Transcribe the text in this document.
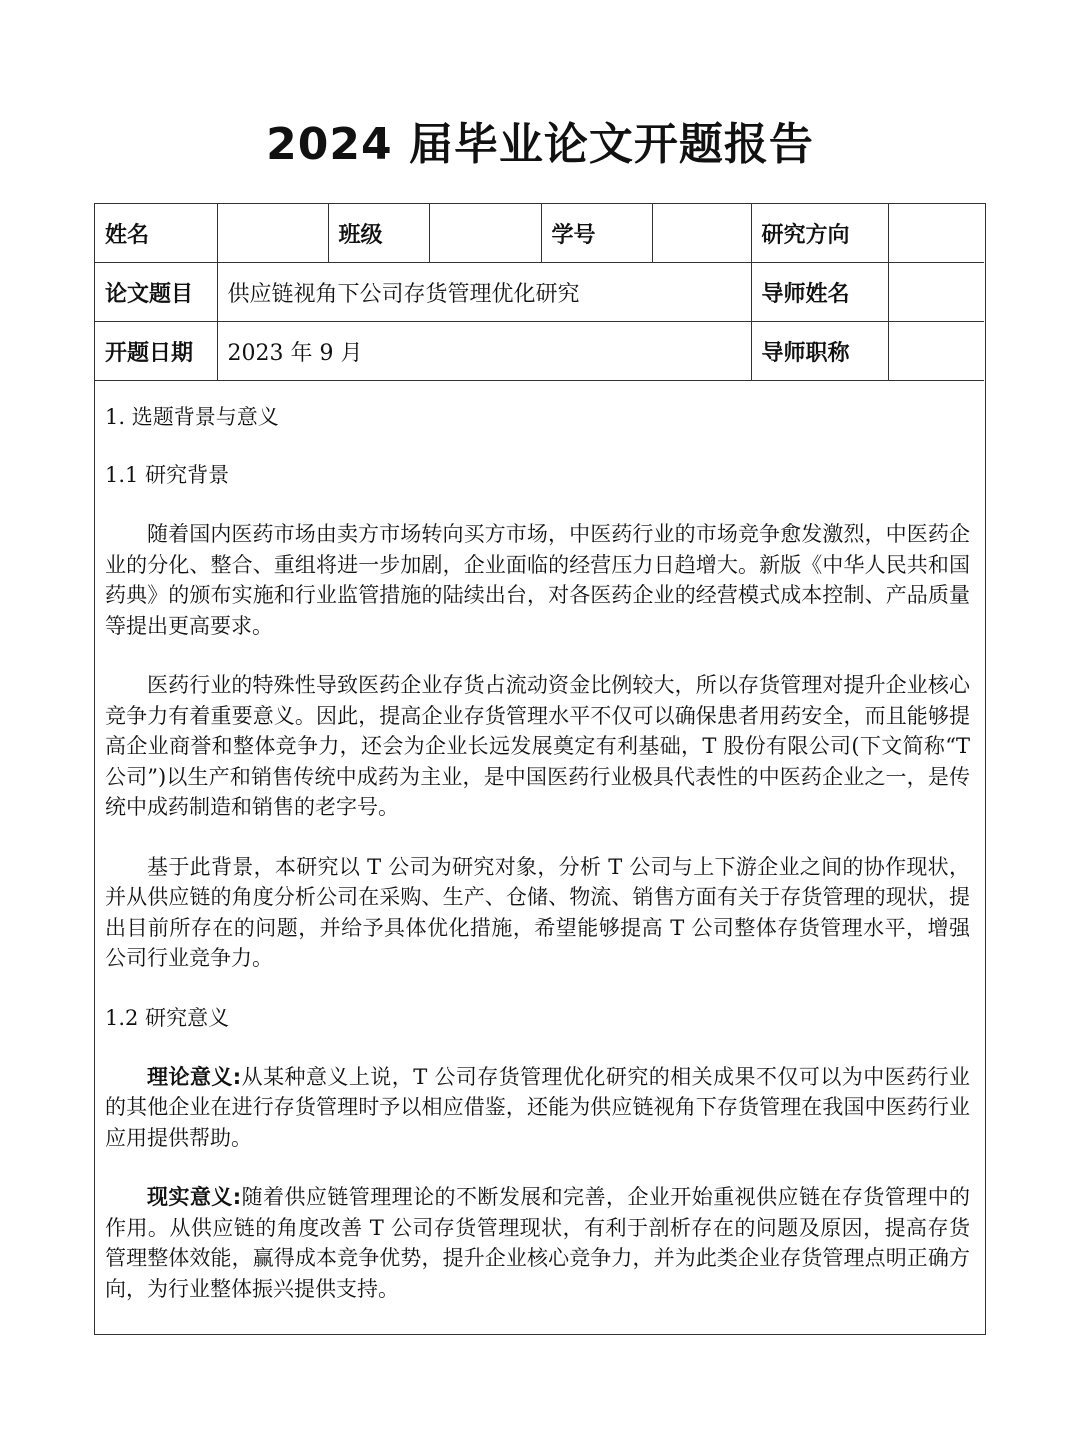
2024 届毕业论文开题报告
姓名		班级		学号		研究方向	
论文题目	供应链视角下公司存货管理优化研究					导师姓名	
开题日期	2023 年 9 月					导师职称	

1. 选题背景与意义

1.1 研究背景

随着国内医药市场由卖方市场转向买方市场，中医药行业的市场竞争愈发激烈，中医药企业的分化、整合、重组将进一步加剧，企业面临的经营压力日趋增大。新版《中华人民共和国药典》的颁布实施和行业监管措施的陆续出台，对各医药企业的经营模式成本控制、产品质量等提出更高要求。

医药行业的特殊性导致医药企业存货占流动资金比例较大，所以存货管理对提升企业核心竞争力有着重要意义。因此，提高企业存货管理水平不仅可以确保患者用药安全，而且能够提高企业商誉和整体竞争力，还会为企业长远发展奠定有利基础，T 股份有限公司(下文简称“T 公司”)以生产和销售传统中成药为主业，是中国医药行业极具代表性的中医药企业之一，是传统中成药制造和销售的老字号。

基于此背景，本研究以 T 公司为研究对象，分析 T 公司与上下游企业之间的协作现状，并从供应链的角度分析公司在采购、生产、仓储、物流、销售方面有关于存货管理的现状，提出目前所存在的问题，并给予具体优化措施，希望能够提高 T 公司整体存货管理水平，增强公司行业竞争力。

1.2 研究意义

理论意义:从某种意义上说，T 公司存货管理优化研究的相关成果不仅可以为中医药行业的其他企业在进行存货管理时予以相应借鉴，还能为供应链视角下存货管理在我国中医药行业应用提供帮助。

现实意义:随着供应链管理理论的不断发展和完善，企业开始重视供应链在存货管理中的作用。从供应链的角度改善 T 公司存货管理现状，有利于剖析存在的问题及原因，提高存货管理整体效能，赢得成本竞争优势，提升企业核心竞争力，并为此类企业存货管理点明正确方向，为行业整体振兴提供支持。
